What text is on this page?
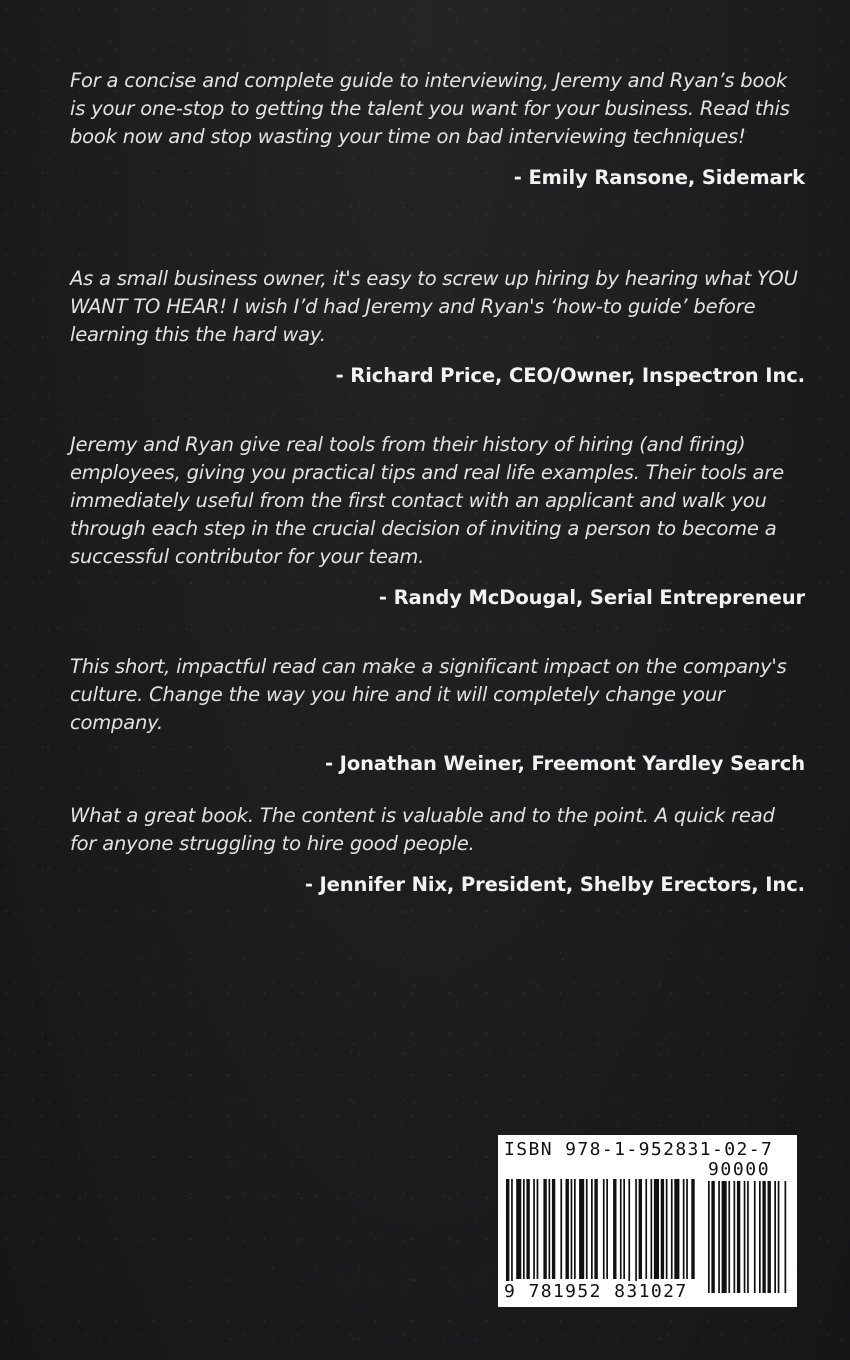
For a concise and complete guide to interviewing, Jeremy and Ryan’s book is your one-stop to getting the talent you want for your business. Read this book now and stop wasting your time on bad interviewing techniques!

- Emily Ransone, Sidemark

As a small business owner, it's easy to screw up hiring by hearing what YOU WANT TO HEAR! I wish I’d had Jeremy and Ryan's ‘how-to guide’ before learning this the hard way.

- Richard Price, CEO/Owner, Inspectron Inc.

Jeremy and Ryan give real tools from their history of hiring (and firing) employees, giving you practical tips and real life examples. Their tools are immediately useful from the first contact with an applicant and walk you through each step in the crucial decision of inviting a person to become a successful contributor for your team.

- Randy McDougal, Serial Entrepreneur

This short, impactful read can make a significant impact on the company's culture. Change the way you hire and it will completely change your company.

- Jonathan Weiner, Freemont Yardley Search

What a great book. The content is valuable and to the point. A quick read for anyone struggling to hire good people.

- Jennifer Nix, President, Shelby Erectors, Inc.

ISBN 978-1-952831-02-7
90000
9 781952 831027
